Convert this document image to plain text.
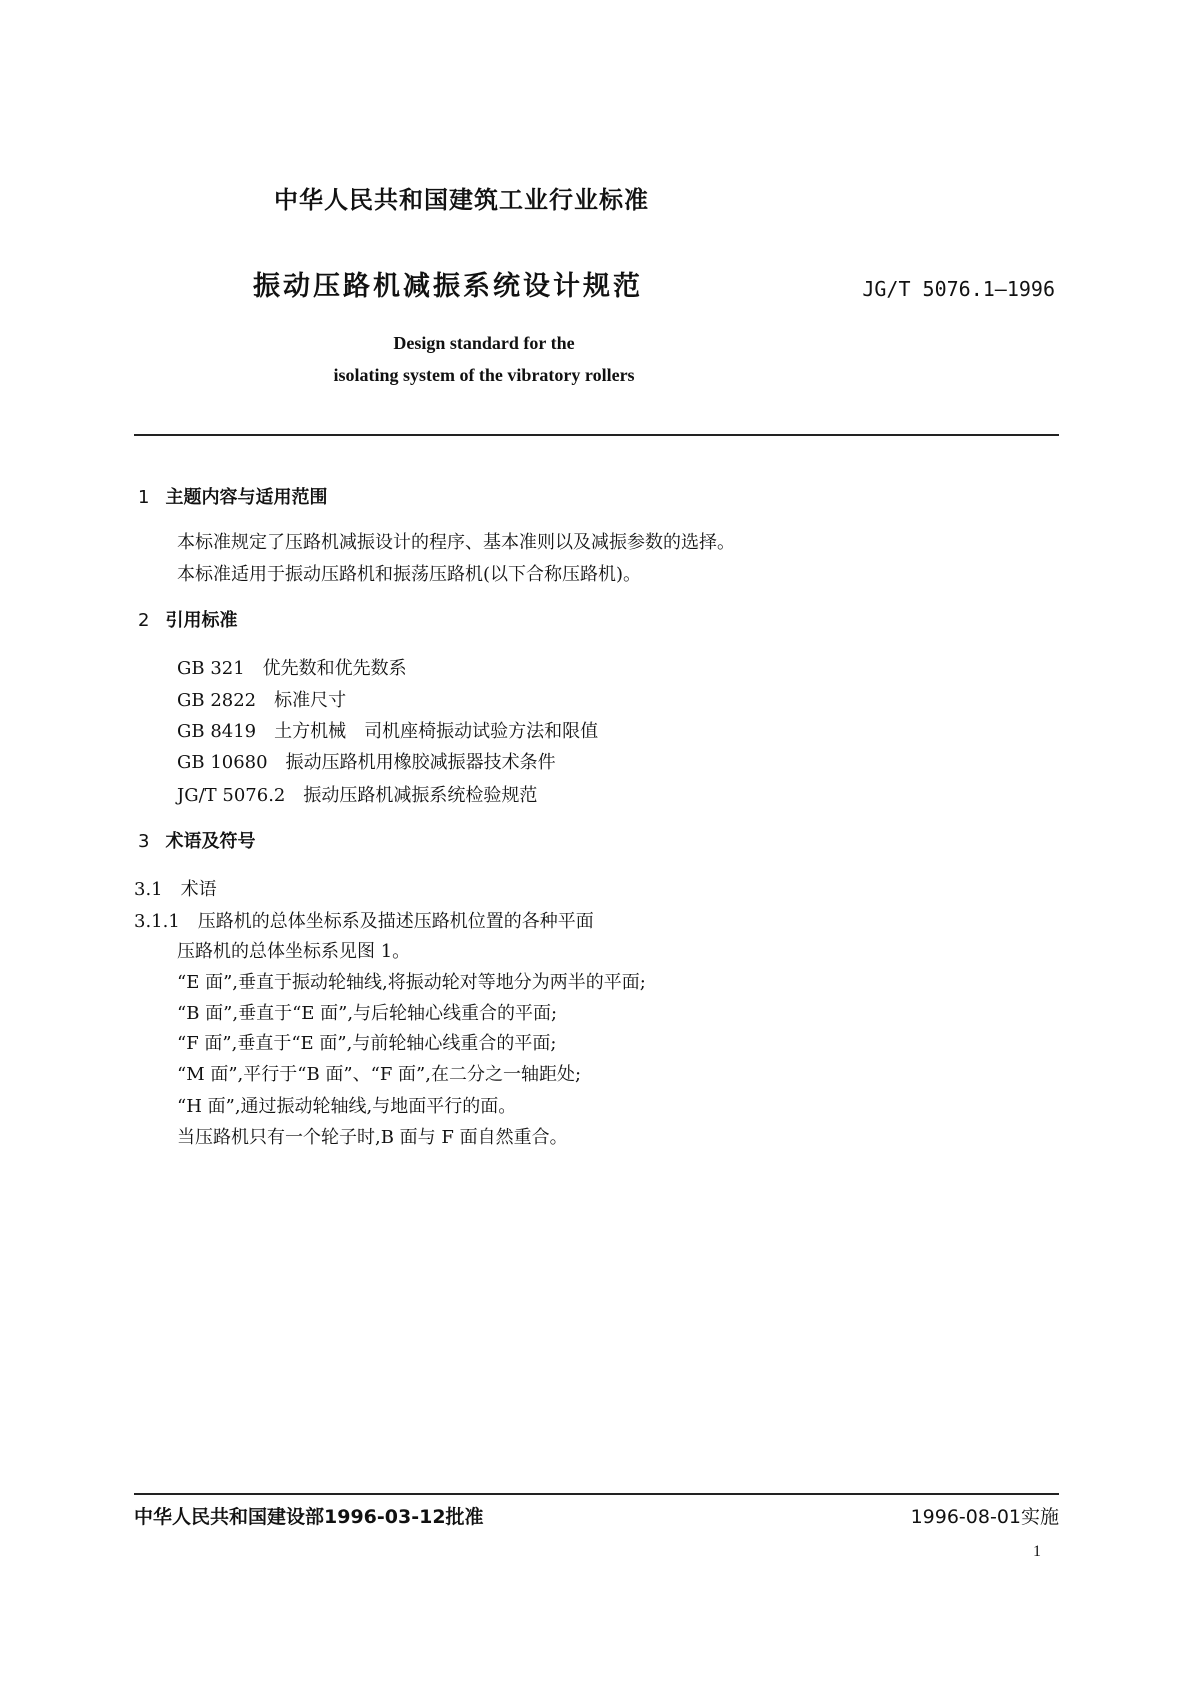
中华人民共和国建筑工业行业标准
振动压路机减振系统设计规范	JG/T 5076.1—1996
Design standard for the
isolating system of the vibratory rollers
1 主题内容与适用范围
本标准规定了压路机减振设计的程序、基本准则以及减振参数的选择。
本标准适用于振动压路机和振荡压路机(以下合称压路机)。
2 引用标准
GB 321　优先数和优先数系
GB 2822　标准尺寸
GB 8419　土方机械　司机座椅振动试验方法和限值
GB 10680　振动压路机用橡胶减振器技术条件
JG/T 5076.2　振动压路机减振系统检验规范
3 术语及符号
3.1　术语
3.1.1　压路机的总体坐标系及描述压路机位置的各种平面
压路机的总体坐标系见图 1。
“E 面”,垂直于振动轮轴线,将振动轮对等地分为两半的平面;
“B 面”,垂直于“E 面”,与后轮轴心线重合的平面;
“F 面”,垂直于“E 面”,与前轮轴心线重合的平面;
“M 面”,平行于“B 面”、“F 面”,在二分之一轴距处;
“H 面”,通过振动轮轴线,与地面平行的面。
当压路机只有一个轮子时,B 面与 F 面自然重合。
中华人民共和国建设部1996-03-12批准	1996-08-01实施
1
